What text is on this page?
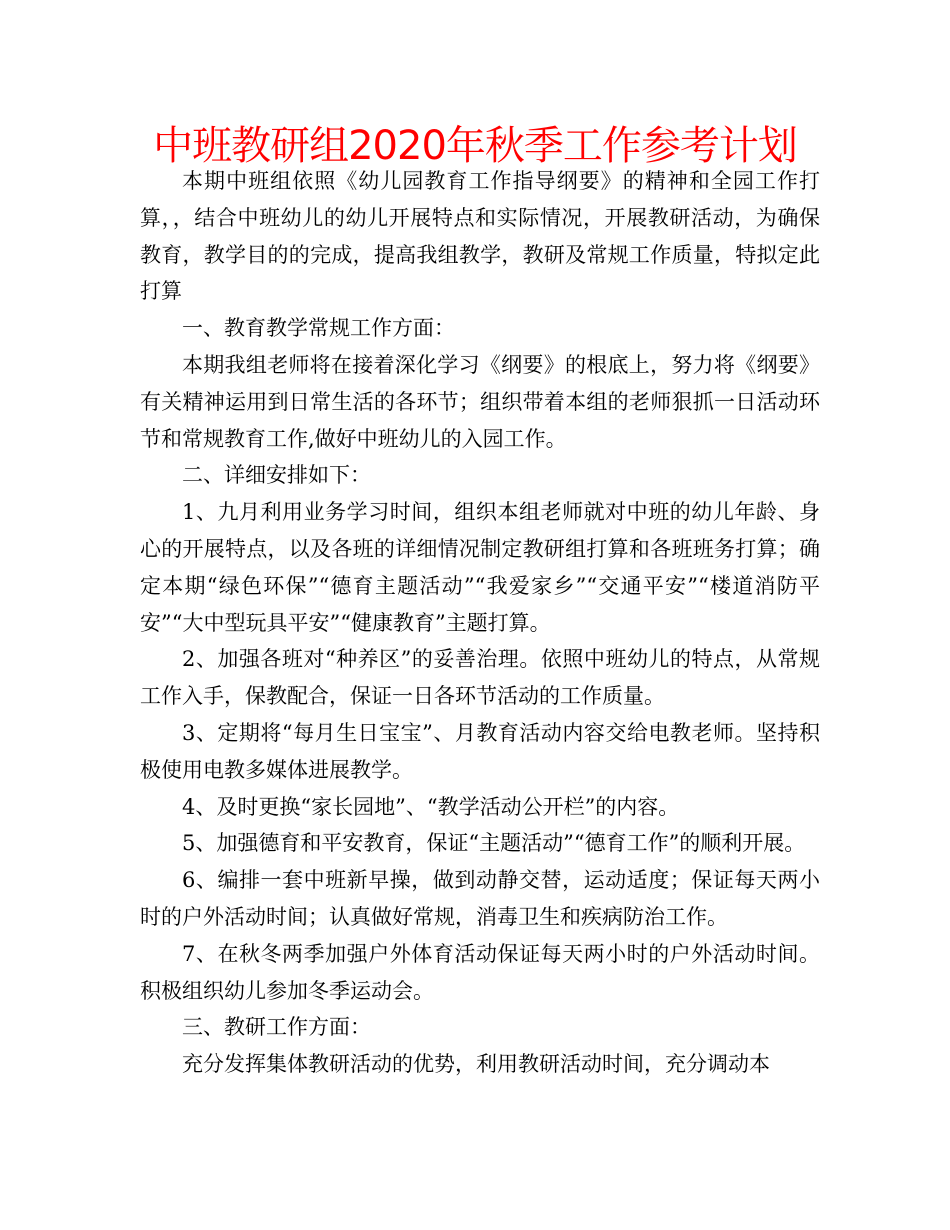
中班教研组2020年秋季工作参考计划

本期中班组依照《幼儿园教育工作指导纲要》的精神和全园工作打算，，结合中班幼儿的幼儿开展特点和实际情况，开展教研活动，为确保教育，教学目的的完成，提高我组教学，教研及常规工作质量，特拟定此打算

一、教育教学常规工作方面：

本期我组老师将在接着深化学习《纲要》的根底上，努力将《纲要》有关精神运用到日常生活的各环节；组织带着本组的老师狠抓一日活动环节和常规教育工作,做好中班幼儿的入园工作。

二、详细安排如下：

1、九月利用业务学习时间，组织本组老师就对中班的幼儿年龄、身心的开展特点，以及各班的详细情况制定教研组打算和各班班务打算；确定本期“绿色环保”“德育主题活动”“我爱家乡”“交通平安”“楼道消防平安”“大中型玩具平安”“健康教育”主题打算。

2、加强各班对“种养区”的妥善治理。依照中班幼儿的特点，从常规工作入手，保教配合，保证一日各环节活动的工作质量。

3、定期将“每月生日宝宝”、月教育活动内容交给电教老师。坚持积极使用电教多媒体进展教学。

4、及时更换“家长园地”、“教学活动公开栏”的内容。

5、加强德育和平安教育，保证“主题活动”“德育工作”的顺利开展。

6、编排一套中班新早操，做到动静交替，运动适度；保证每天两小时的户外活动时间；认真做好常规，消毒卫生和疾病防治工作。

7、在秋冬两季加强户外体育活动保证每天两小时的户外活动时间。积极组织幼儿参加冬季运动会。

三、教研工作方面：

充分发挥集体教研活动的优势，利用教研活动时间，充分调动本
